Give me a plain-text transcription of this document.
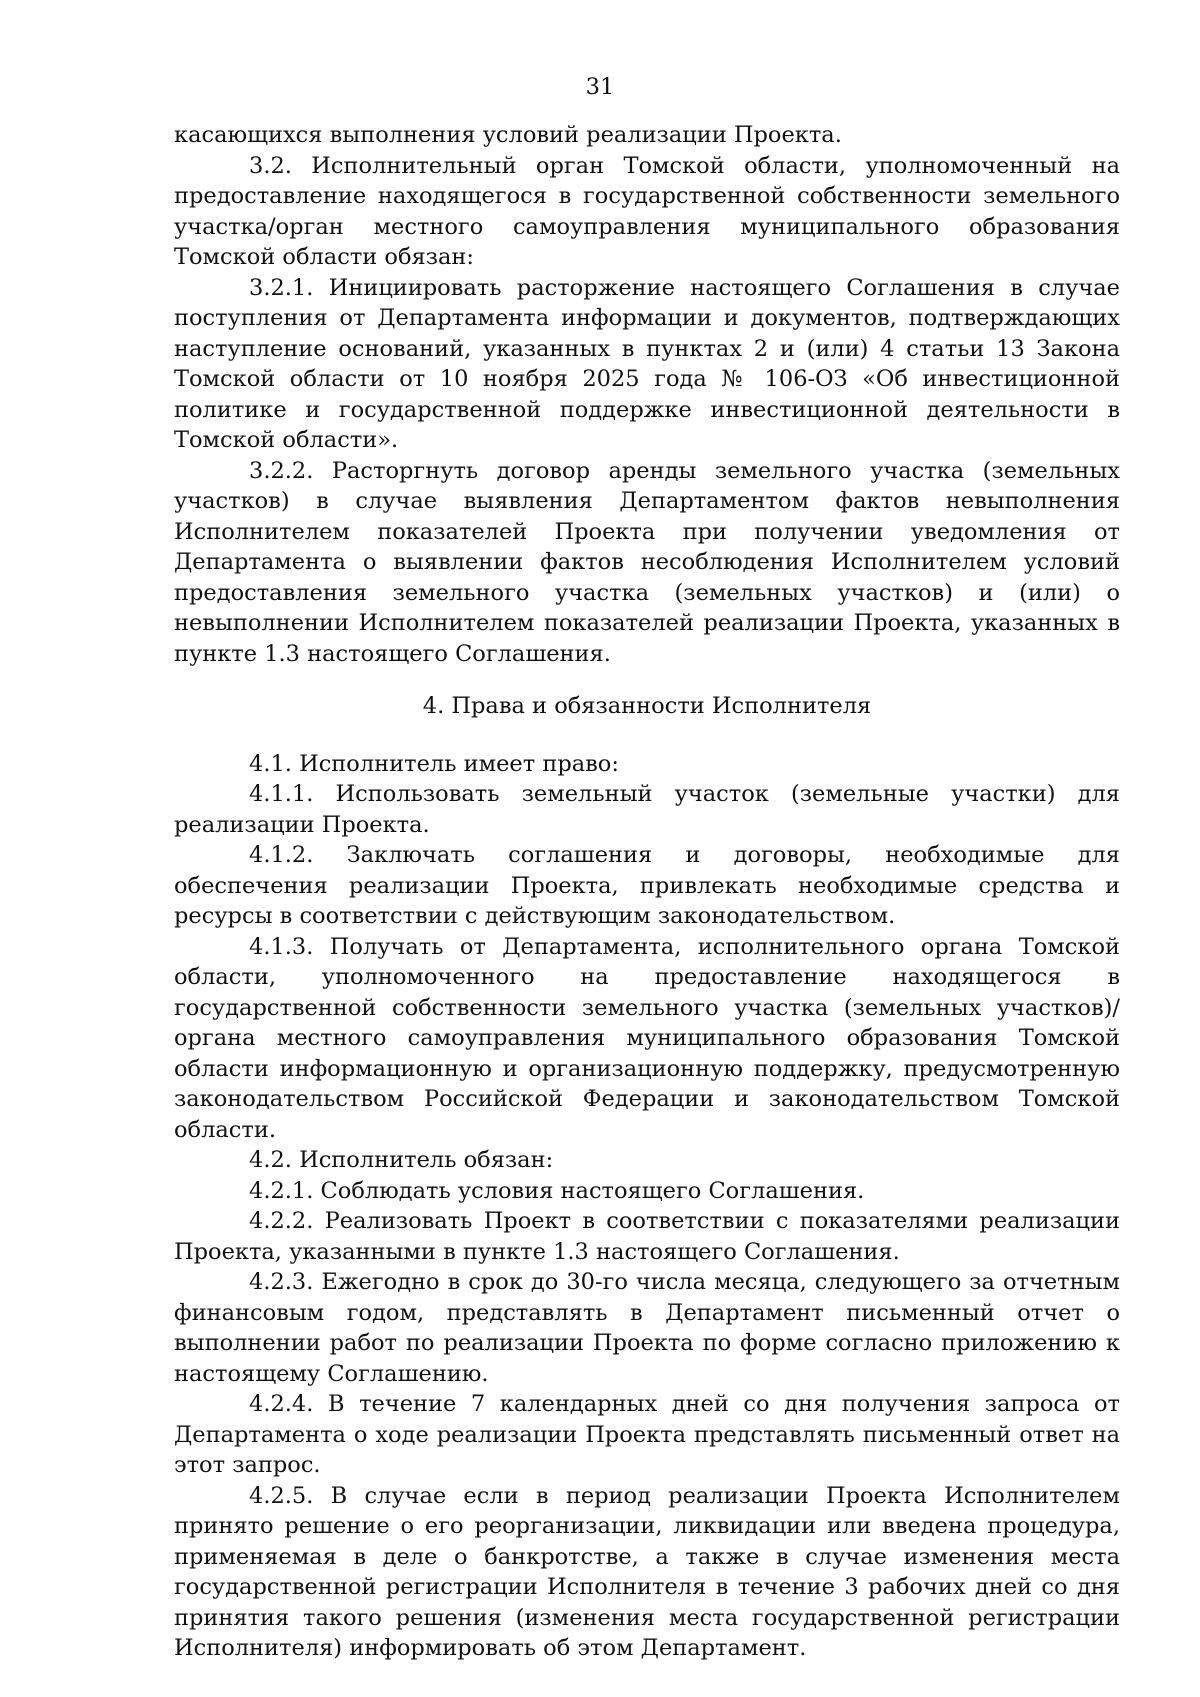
31

касающихся выполнения условий реализации Проекта.

3.2. Исполнительный орган Томской области, уполномоченный на предоставление находящегося в государственной собственности земельного участка/орган местного самоуправления муниципального образования Томской области обязан:

3.2.1. Инициировать расторжение настоящего Соглашения в случае поступления от Департамента информации и документов, подтверждающих наступление оснований, указанных в пунктах 2 и (или) 4 статьи 13 Закона Томской области от 10 ноября 2025 года № 106-ОЗ «Об инвестиционной политике и государственной поддержке инвестиционной деятельности в Томской области».

3.2.2. Расторгнуть договор аренды земельного участка (земельных участков) в случае выявления Департаментом фактов невыполнения Исполнителем показателей Проекта при получении уведомления от Департамента о выявлении фактов несоблюдения Исполнителем условий предоставления земельного участка (земельных участков) и (или) о невыполнении Исполнителем показателей реализации Проекта, указанных в пункте 1.3 настоящего Соглашения.

4. Права и обязанности Исполнителя

4.1. Исполнитель имеет право:

4.1.1. Использовать земельный участок (земельные участки) для реализации Проекта.

4.1.2. Заключать соглашения и договоры, необходимые для обеспечения реализации Проекта, привлекать необходимые средства и ресурсы в соответствии с действующим законодательством.

4.1.3. Получать от Департамента, исполнительного органа Томской области, уполномоченного на предоставление находящегося в государственной собственности земельного участка (земельных участков)/органа местного самоуправления муниципального образования Томской области информационную и организационную поддержку, предусмотренную законодательством Российской Федерации и законодательством Томской области.

4.2. Исполнитель обязан:

4.2.1. Соблюдать условия настоящего Соглашения.

4.2.2. Реализовать Проект в соответствии с показателями реализации Проекта, указанными в пункте 1.3 настоящего Соглашения.

4.2.3. Ежегодно в срок до 30-го числа месяца, следующего за отчетным финансовым годом, представлять в Департамент письменный отчет о выполнении работ по реализации Проекта по форме согласно приложению к настоящему Соглашению.

4.2.4. В течение 7 календарных дней со дня получения запроса от Департамента о ходе реализации Проекта представлять письменный ответ на этот запрос.

4.2.5. В случае если в период реализации Проекта Исполнителем принято решение о его реорганизации, ликвидации или введена процедура, применяемая в деле о банкротстве, а также в случае изменения места государственной регистрации Исполнителя в течение 3 рабочих дней со дня принятия такого решения (изменения места государственной регистрации Исполнителя) информировать об этом Департамент.
